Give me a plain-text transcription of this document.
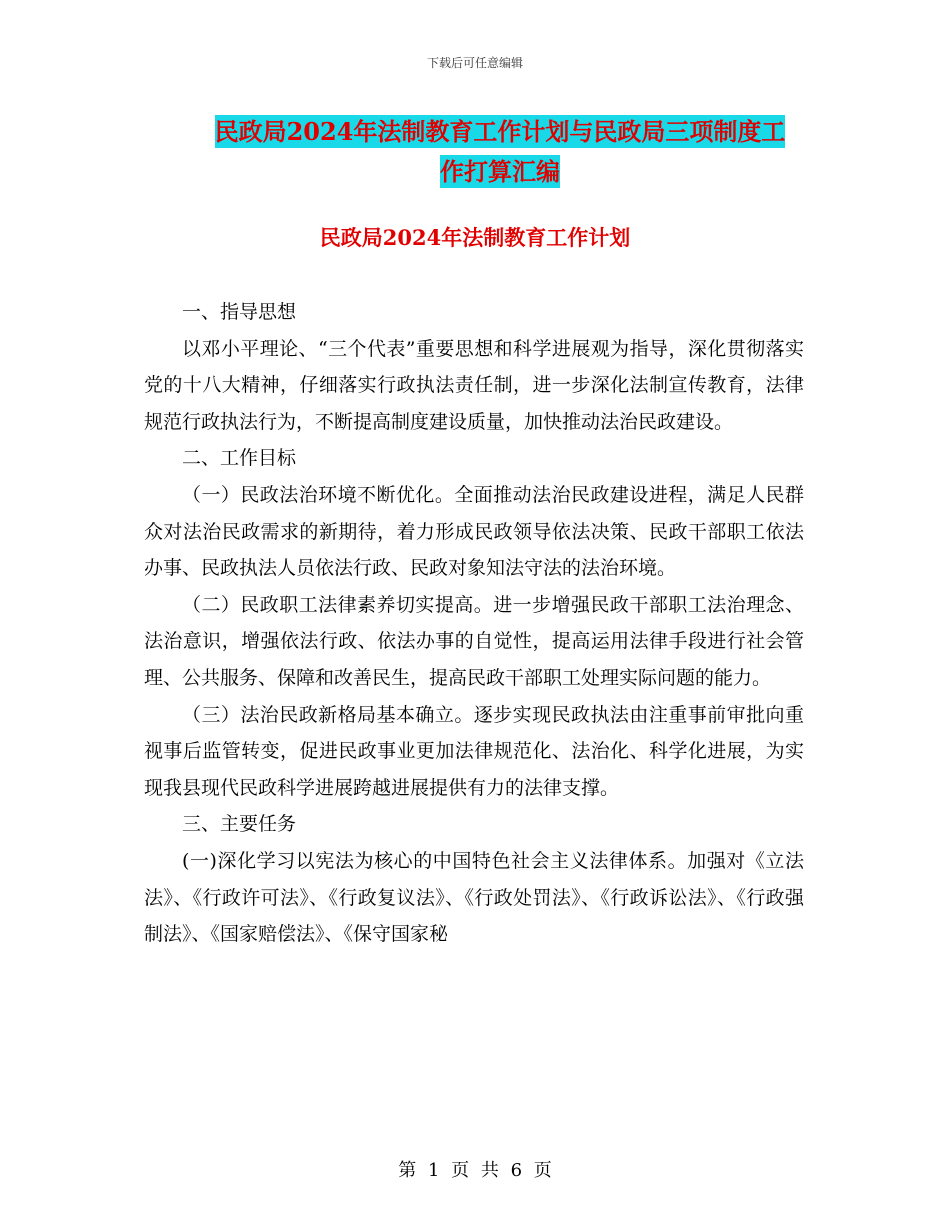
下载后可任意编辑
民政局2024年法制教育工作计划与民政局三项制度工
作打算汇编
民政局2024年法制教育工作计划

一、指导思想

以邓小平理论、“三个代表”重要思想和科学进展观为指导，深化贯彻落实党的十八大精神，仔细落实行政执法责任制，进一步深化法制宣传教育，法律规范行政执法行为，不断提高制度建设质量，加快推动法治民政建设。

二、工作目标

（一）民政法治环境不断优化。全面推动法治民政建设进程，满足人民群众对法治民政需求的新期待，着力形成民政领导依法决策、民政干部职工依法办事、民政执法人员依法行政、民政对象知法守法的法治环境。

（二）民政职工法律素养切实提高。进一步增强民政干部职工法治理念、法治意识，增强依法行政、依法办事的自觉性，提高运用法律手段进行社会管理、公共服务、保障和改善民生，提高民政干部职工处理实际问题的能力。

（三）法治民政新格局基本确立。逐步实现民政执法由注重事前审批向重视事后监管转变，促进民政事业更加法律规范化、法治化、科学化进展，为实现我县现代民政科学进展跨越进展提供有力的法律支撑。

三、主要任务

(一)深化学习以宪法为核心的中国特色社会主义法律体系。加强对《立法法》、《行政许可法》、《行政复议法》、《行政处罚法》、《行政诉讼法》、《行政强制法》、《国家赔偿法》、《保守国家秘

第 1 页 共 6 页
